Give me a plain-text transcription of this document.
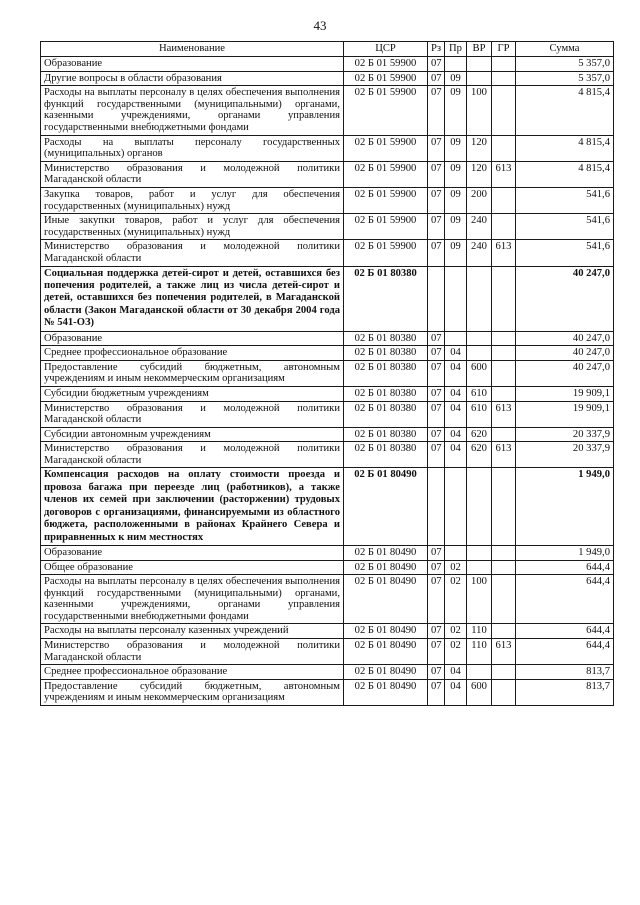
43
Наименование	ЦСР	Рз	Пр	ВР	ГР	Сумма
Образование	02 Б 01 59900	07				5 357,0
Другие вопросы в области образования	02 Б 01 59900	07	09			5 357,0
Расходы на выплаты персоналу в целях обеспечения выполнения функций государственными (муниципальными) органами, казенными учреждениями, органами управления государственными внебюджетными фондами	02 Б 01 59900	07	09	100		4 815,4
Расходы на выплаты персоналу государственных (муниципальных) органов	02 Б 01 59900	07	09	120		4 815,4
Министерство образования и молодежной политики Магаданской области	02 Б 01 59900	07	09	120	613	4 815,4
Закупка товаров, работ и услуг для обеспечения государственных (муниципальных) нужд	02 Б 01 59900	07	09	200		541,6
Иные закупки товаров, работ и услуг для обеспечения государственных (муниципальных) нужд	02 Б 01 59900	07	09	240		541,6
Министерство образования и молодежной политики Магаданской области	02 Б 01 59900	07	09	240	613	541,6
Социальная поддержка детей-сирот и детей, оставшихся без попечения родителей, а также лиц из числа детей-сирот и детей, оставшихся без попечения родителей, в Магаданской области (Закон Магаданской области от 30 декабря 2004 года № 541-ОЗ)	02 Б 01 80380					40 247,0
Образование	02 Б 01 80380	07				40 247,0
Среднее профессиональное образование	02 Б 01 80380	07	04			40 247,0
Предоставление субсидий бюджетным, автономным учреждениям и иным некоммерческим организациям	02 Б 01 80380	07	04	600		40 247,0
Субсидии бюджетным учреждениям	02 Б 01 80380	07	04	610		19 909,1
Министерство образования и молодежной политики Магаданской области	02 Б 01 80380	07	04	610	613	19 909,1
Субсидии автономным учреждениям	02 Б 01 80380	07	04	620		20 337,9
Министерство образования и молодежной политики Магаданской области	02 Б 01 80380	07	04	620	613	20 337,9
Компенсация расходов на оплату стоимости проезда и провоза багажа при переезде лиц (работников), а также членов их семей при заключении (расторжении) трудовых договоров с организациями, финансируемыми из областного бюджета, расположенными в районах Крайнего Севера и приравненных к ним местностях	02 Б 01 80490					1 949,0
Образование	02 Б 01 80490	07				1 949,0
Общее образование	02 Б 01 80490	07	02			644,4
Расходы на выплаты персоналу в целях обеспечения выполнения функций государственными (муниципальными) органами, казенными учреждениями, органами управления государственными внебюджетными фондами	02 Б 01 80490	07	02	100		644,4
Расходы на выплаты персоналу казенных учреждений	02 Б 01 80490	07	02	110		644,4
Министерство образования и молодежной политики Магаданской области	02 Б 01 80490	07	02	110	613	644,4
Среднее профессиональное образование	02 Б 01 80490	07	04			813,7
Предоставление субсидий бюджетным, автономным учреждениям и иным некоммерческим организациям	02 Б 01 80490	07	04	600		813,7
